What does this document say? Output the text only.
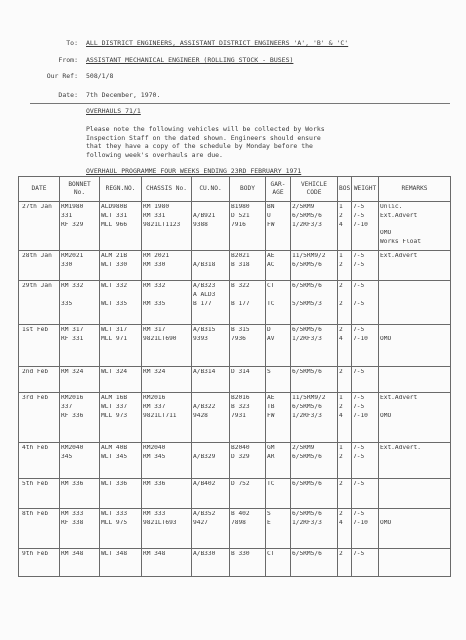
To: ALL DISTRICT ENGINEERS, ASSISTANT DISTRICT ENGINEERS 'A', 'B' & 'C'
From: ASSISTANT MECHANICAL ENGINEER (ROLLING STOCK - BUSES)
Our Ref: 508/1/8
Date: 7th December, 1970.
OVERHAULS 71/1
Please note the following vehicles will be collected by Works
Inspection Staff on the dated shown. Engineers should ensure
that they have a copy of the schedule by Monday before the
following week's overhauls are due.
OVERHAUL PROGRAMME FOUR WEEKS ENDING 23RD FEBRUARY 1971
DATE	BONNET No.	REGN.NO.	CHASSIS No.	CU.NO.	BODY	GAR-AGE	VEHICLE CODE	BOS	WEIGHT	REMARKS

27th Jan	RM1980
331
RF 329	ALD980B
WLT 331
MLL 966	RM 1980
RM 331
9821LT1123	A/B921
9388	B1980
D 521
7916	BN
U
FW	2/5RM9
6/5RM5/6
1/2RF3/3	1
2
4	7-5
7-5
7-10	Unlic.
Ext.Advert
OMO
Works Float

28th Jan	RM2021
330	ALM 21B
WLT 330	RM 2021
RM 330	A/B318	B2021
B 318	AE
AC	11/5RM9/2
6/5RM5/6	1
2	7-5
7-5	Ext.Advert

29th Jan	RM 332
335	WLT 332
WLT 335	RM 332
RM 335	A/B323
A ALD3
B 177	B 322
B 177	CT
TC	6/5RM5/6
5/5RM5/3	2
2	7-5
7-5	

1st Feb	RM 317
RF 331	WLT 317
MLL 971	RM 317
9821LT690	A/B315
9393	B 315
7936	D
AV	6/5RM5/6
1/2RF3/3	2
4	7-5
7-10	OMO

2nd Feb	RM 324	WLT 324	RM 324	A/B314	D 314	S	6/5RM5/6	2	7-5	

3rd Feb	RM2016
337
RF 336	ALM 16B
WLT 337
MLL 973	RM2016
RM 337
9821LT711	A/B322
9428	B2016
B 323
7931	AE
TB
FW	11/5RM9/2
6/5RM5/6
1/2RF3/3	1
2
4	7-5
7-5
7-10	Ext.Advert
OMO

4th Feb	RM2040
345	ALM 40B
WLT 345	RM2040
RM 345	A/B329	B2040
D 329	GM
AR	2/5RM9
6/5RM5/6	1
2	7-5
7-5	Ext.Advert.

5th Feb	RM 336	WLT 336	RM 336	A/B402	D 752	TC	6/5RM5/6	2	7-5	

8th Feb	RM 333
RF 338	WLT 333
MLL 975	RM 333
9821LT693	A/B352
9427	B 402
7898	S
E	6/5RM5/6
1/2RF3/3	2
4	7-5
7-10	OMO

9th Feb	RM 348	WLT 348	RM 348	A/B330	B 330	CT	6/5RM5/6	2	7-5	
